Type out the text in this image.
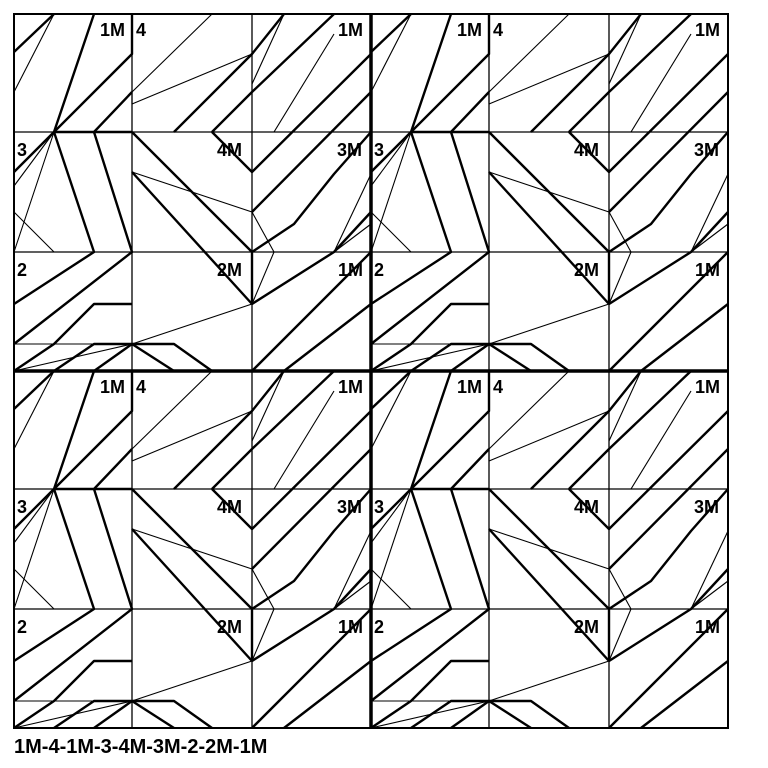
1M 4	1M
3	4M	3M
2	2M	1M
1M 4	1M
3	4M	3M
2	2M	1M
1M 4	1M
3	4M	3M
2	2M	1M
1M 4	1M
3	4M	3M
2	2M	1M
1M-4-1M-3-4M-3M-2-2M-1M
